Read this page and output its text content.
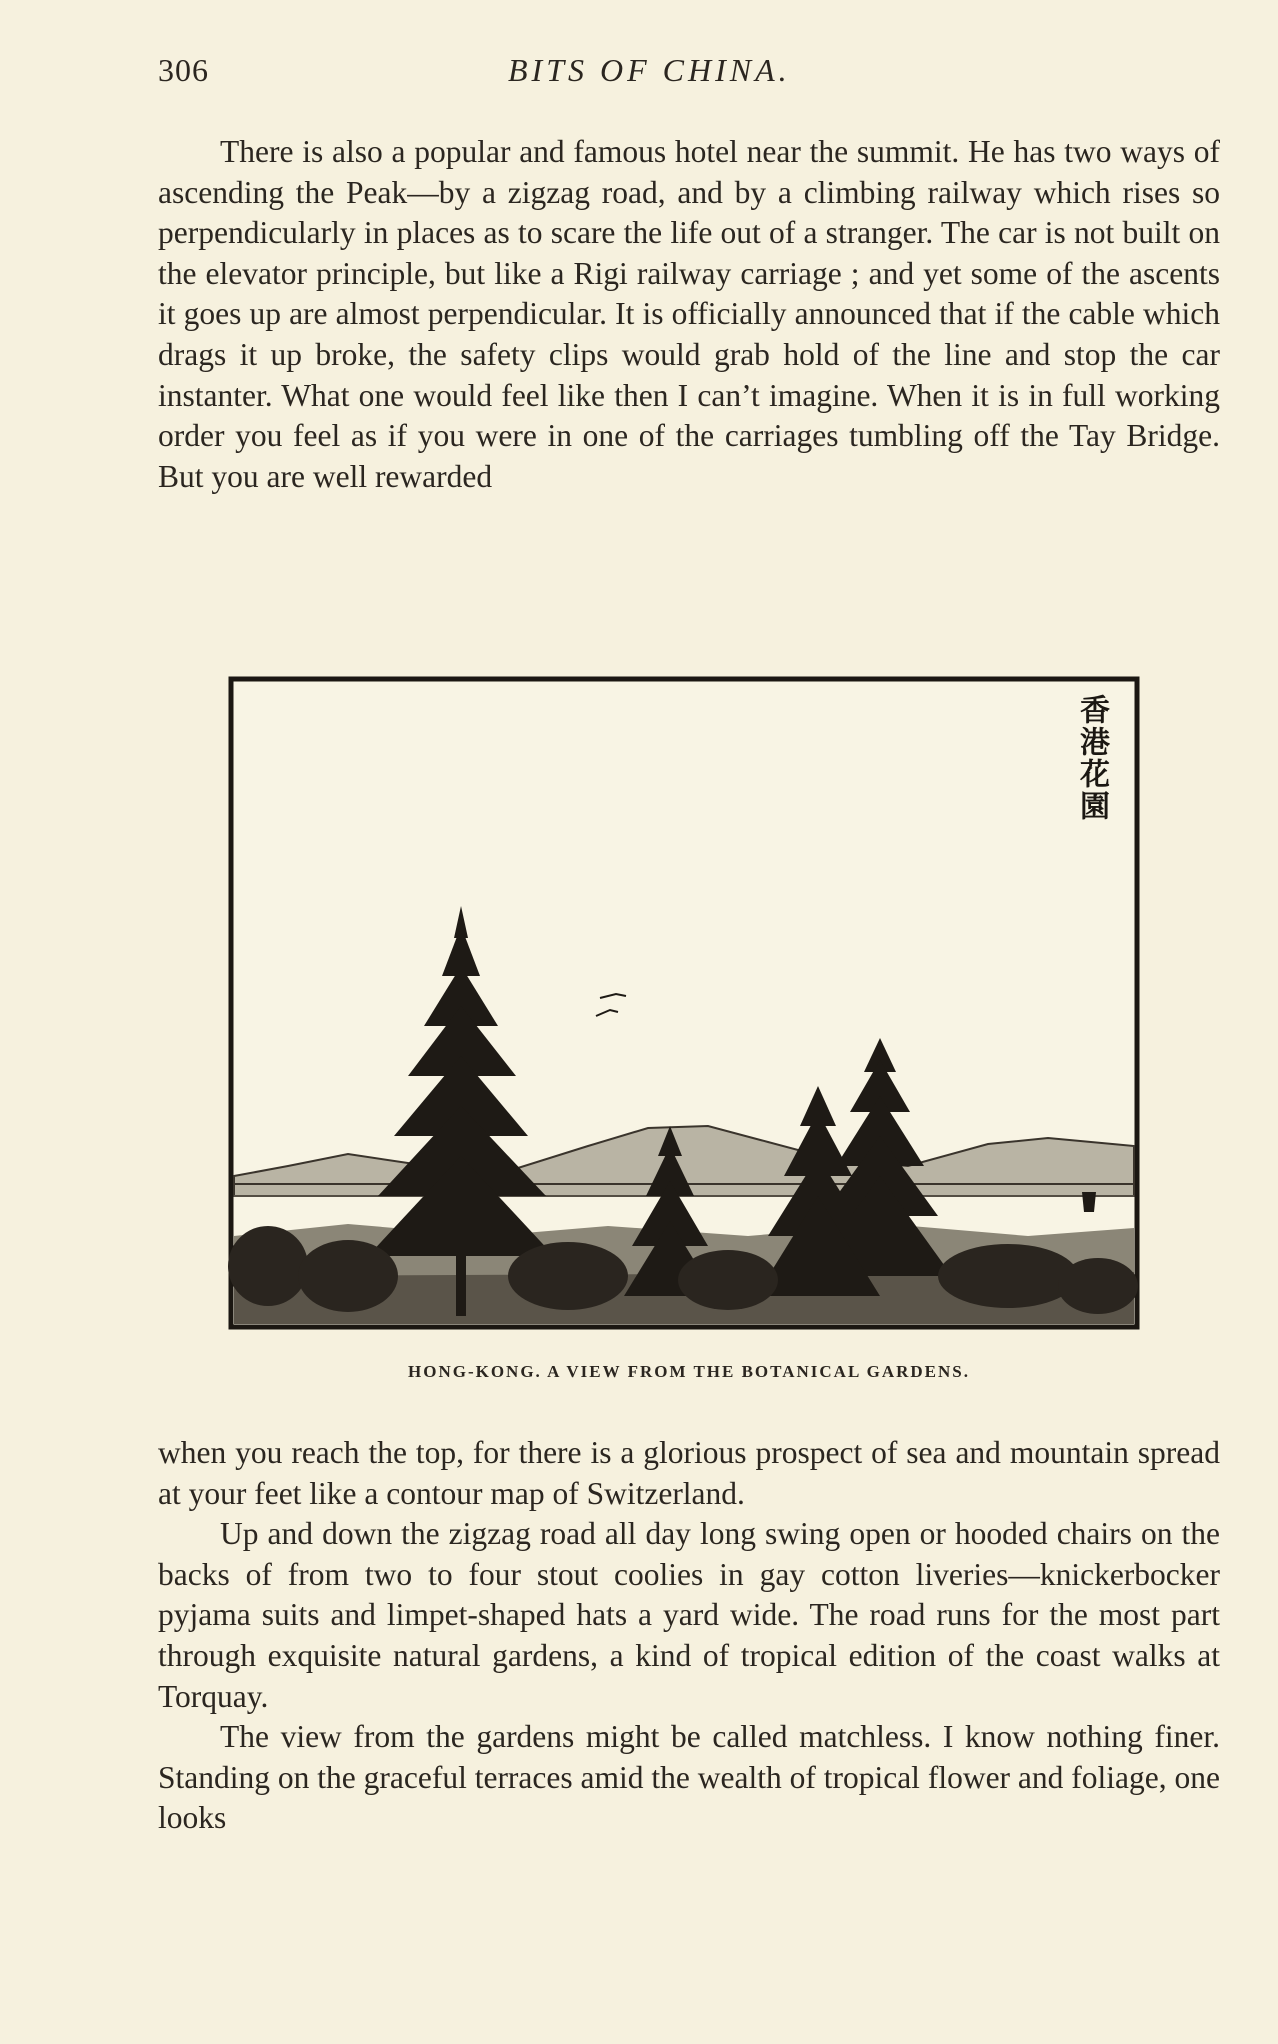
306	BITS OF CHINA.

There is also a popular and famous hotel near the summit. He has two ways of ascending the Peak—by a zigzag road, and by a climbing railway which rises so perpendicularly in places as to scare the life out of a stranger. The car is not built on the elevator principle, but like a Rigi railway carriage ; and yet some of the ascents it goes up are almost perpendicular. It is officially announced that if the cable which drags it up broke, the safety clips would grab hold of the line and stop the car instanter. What one would feel like then I can’t imagine. When it is in full working order you feel as if you were in one of the carriages tumbling off the Tay Bridge. But you are well rewarded

香港花園
HONG-KONG. A VIEW FROM THE BOTANICAL GARDENS.

when you reach the top, for there is a glorious prospect of sea and mountain spread at your feet like a contour map of Switzerland.

Up and down the zigzag road all day long swing open or hooded chairs on the backs of from two to four stout coolies in gay cotton liveries—knickerbocker pyjama suits and limpet-shaped hats a yard wide. The road runs for the most part through exquisite natural gardens, a kind of tropical edition of the coast walks at Torquay.

The view from the gardens might be called matchless. I know nothing finer. Standing on the graceful terraces amid the wealth of tropical flower and foliage, one looks
